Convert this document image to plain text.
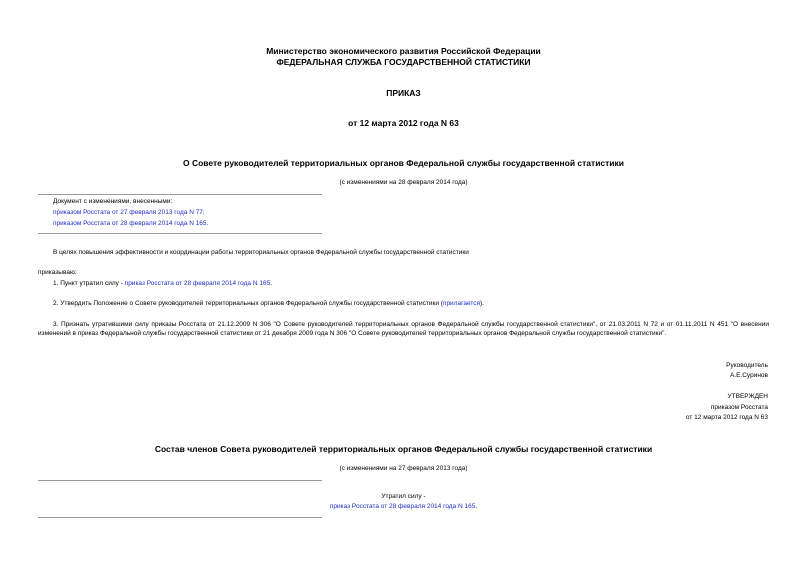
Министерство экономического развития Российской Федерации
ФЕДЕРАЛЬНАЯ СЛУЖБА ГОСУДАРСТВЕННОЙ СТАТИСТИКИ
ПРИКАЗ
от 12 марта 2012 года N 63
О Совете руководителей территориальных органов Федеральной службы государственной статистики
(с изменениями на 28 февраля 2014 года)
Документ с изменениями, внесенными:
приказом Росстата от 27 февраля 2013 года N 77;
приказом Росстата от 28 февраля 2014 года N 165.
В целях повышения эффективности и координации работы территориальных органов Федеральной службы государственной статистики
приказываю:
1. Пункт утратил силу - приказ Росстата от 28 февраля 2014 года N 165.
2. Утвердить Положение о Совете руководителей территориальных органов Федеральной службы государственной статистики (прилагается).
3. Признать утратившими силу приказы Росстата от 21.12.2009 N 306 "О Совете руководителей территориальных органов Федеральной службы государственной статистики", от 21.03.2011 N 72 и от 01.11.2011 N 451 "О внесении изменений в приказ Федеральной службы государственной статистики от 21 декабря 2009 года N 306 "О Совете руководителей территориальных органов Федеральной службы государственной статистики".
Руководитель
А.Е.Суринов
УТВЕРЖДЕН
приказом Росстата
от 12 марта 2012 года N 63
Состав членов Совета руководителей территориальных органов Федеральной службы государственной статистики
(с изменениями на 27 февраля 2013 года)
Утратил силу -
приказ Росстата от 28 февраля 2014 года N 165.
